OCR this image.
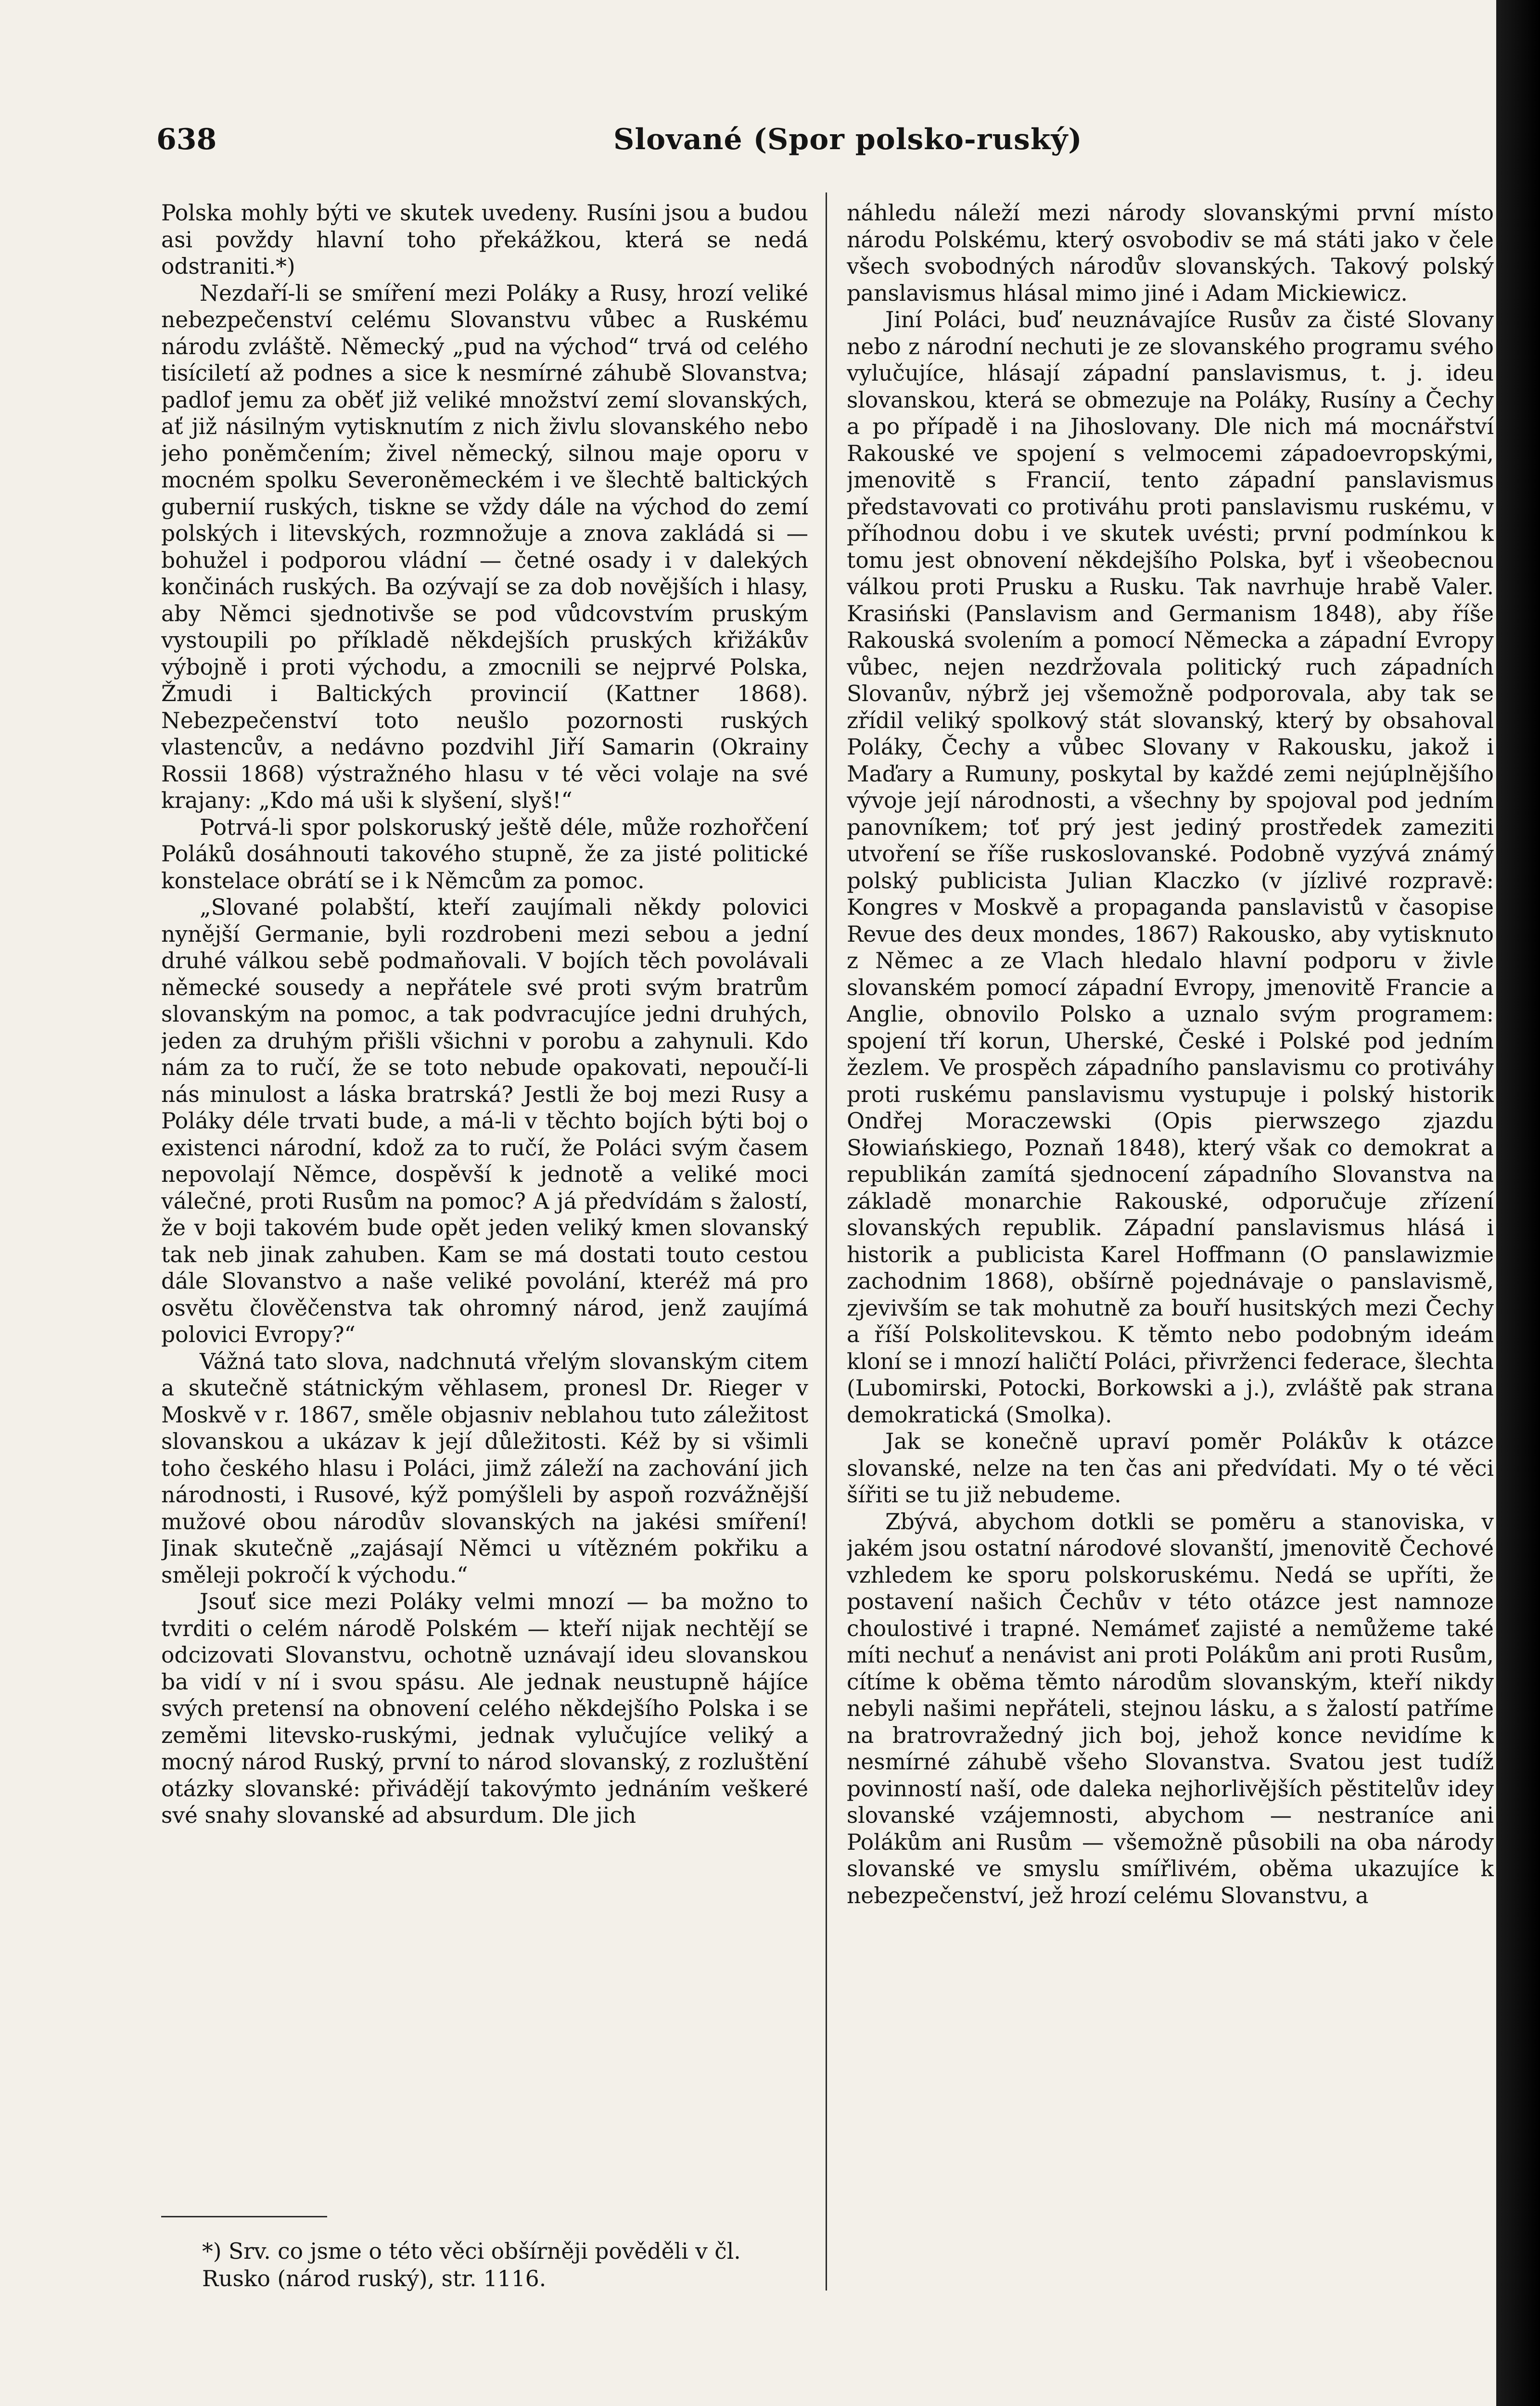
638	Slované (Spor polsko-ruský)

Polska mohly býti ve skutek uvedeny. Rusíni jsou a budou asi povždy hlavní toho překážkou, která se nedá odstraniti.*)

Nezdaří-li se smíření mezi Poláky a Rusy, hrozí veliké nebezpečenství celému Slovanstvu vůbec a Ruskému národu zvláště. Německý „pud na východ“ trvá od celého tisíciletí až podnes a sice k nesmírné záhubě Slovanstva; padlof jemu za oběť již veliké množství zemí slovanských, ať již násilným vytisknutím z nich živlu slovanského nebo jeho poněmčením; živel německý, silnou maje oporu v mocném spolku Severoněmeckém i ve šlechtě baltických gubernií ruských, tiskne se vždy dále na východ do zemí polských i litevských, rozmnožuje a znova zakládá si — bohužel i podporou vládní — četné osady i v dalekých končinách ruských. Ba ozývají se za dob novějších i hlasy, aby Němci sjednotivše se pod vůdcovstvím pruským vystoupili po příkladě někdejších pruských křižákův výbojně i proti východu, a zmocnili se nejprvé Polska, Žmudi i Baltických provincií (Kattner 1868). Nebezpečenství toto neušlo pozornosti ruských vlastencův, a nedávno pozdvihl Jiří Samarin (Okrainy Rossii 1868) výstražného hlasu v té věci volaje na své krajany: „Kdo má uši k slyšení, slyš!“

Potrvá-li spor polskoruský ještě déle, může rozhořčení Poláků dosáhnouti takového stupně, že za jisté politické konstelace obrátí se i k Němcům za pomoc.

„Slované polabští, kteří zaujímali někdy polovici nynější Germanie, byli rozdrobeni mezi sebou a jední druhé válkou sebě podmaňovali. V bojích těch povolávali německé sousedy a nepřátele své proti svým bratrům slovanským na pomoc, a tak podvracujíce jedni druhých, jeden za druhým přišli všichni v porobu a zahynuli. Kdo nám za to ručí, že se toto nebude opakovati, nepoučí-li nás minulost a láska bratrská? Jestli že boj mezi Rusy a Poláky déle trvati bude, a má-li v těchto bojích býti boj o existenci národní, kdož za to ručí, že Poláci svým časem nepovolají Němce, dospěvší k jednotě a veliké moci válečné, proti Rusům na pomoc? A já předvídám s žalostí, že v boji takovém bude opět jeden veliký kmen slovanský tak neb jinak zahuben. Kam se má dostati touto cestou dále Slovanstvo a naše veliké povolání, kteréž má pro osvětu člověčenstva tak ohromný národ, jenž zaujímá polovici Evropy?“

Vážná tato slova, nadchnutá vřelým slovanským citem a skutečně státnickým věhlasem, pronesl Dr. Rieger v Moskvě v r. 1867, směle objasniv neblahou tuto záležitost slovanskou a ukázav k její důležitosti. Kéž by si všimli toho českého hlasu i Poláci, jimž záleží na zachování jich národnosti, i Rusové, kýž pomýšleli by aspoň rozvážnější mužové obou národův slovanských na jakési smíření! Jinak skutečně „zajásají Němci u vítězném pokřiku a směleji pokročí k východu.“

Jsouť sice mezi Poláky velmi mnozí — ba možno to tvrditi o celém národě Polském — kteří nijak nechtějí se odcizovati Slovanstvu, ochotně uznávají ideu slovanskou ba vidí v ní i svou spásu. Ale jednak neustupně hájíce svých pretensí na obnovení celého někdejšího Polska i se zeměmi litevsko-ruskými, jednak vylučujíce veliký a mocný národ Ruský, první to národ slovanský, z rozluštění otázky slovanské: přivádějí takovýmto jednáním veškeré své snahy slovanské ad absurdum. Dle jich

náhledu náleží mezi národy slovanskými první místo národu Polskému, který osvobodiv se má státi jako v čele všech svobodných národův slovanských. Takový polský panslavismus hlásal mimo jiné i Adam Mickiewicz.

Jiní Poláci, buď neuznávajíce Rusův za čisté Slovany nebo z národní nechuti je ze slovanského programu svého vylučujíce, hlásají západní panslavismus, t. j. ideu slovanskou, která se obmezuje na Poláky, Rusíny a Čechy a po případě i na Jihoslovany. Dle nich má mocnářství Rakouské ve spojení s velmocemi západoevropskými, jmenovitě s Francií, tento západní panslavismus představovati co protiváhu proti panslavismu ruskému, v příhodnou dobu i ve skutek uvésti; první podmínkou k tomu jest obnovení někdejšího Polska, byť i všeobecnou válkou proti Prusku a Rusku. Tak navrhuje hrabě Valer. Krasiński (Panslavism and Germanism 1848), aby říše Rakouská svolením a pomocí Německa a západní Evropy vůbec, nejen nezdržovala politický ruch západních Slovanův, nýbrž jej všemožně podporovala, aby tak se zřídil veliký spolkový stát slovanský, který by obsahoval Poláky, Čechy a vůbec Slovany v Rakousku, jakož i Maďary a Rumuny, poskytal by každé zemi nejúplnějšího vývoje její národnosti, a všechny by spojoval pod jedním panovníkem; toť prý jest jediný prostředek zameziti utvoření se říše ruskoslovanské. Podobně vyzývá známý polský publicista Julian Klaczko (v jízlivé rozpravě: Kongres v Moskvě a propaganda panslavistů v časopise Revue des deux mondes, 1867) Rakousko, aby vytisknuto z Němec a ze Vlach hledalo hlavní podporu v živle slovanském pomocí západní Evropy, jmenovitě Francie a Anglie, obnovilo Polsko a uznalo svým programem: spojení tří korun, Uherské, České i Polské pod jedním žezlem. Ve prospěch západního panslavismu co protiváhy proti ruskému panslavismu vystupuje i polský historik Ondřej Moraczewski (Opis pierwszego zjazdu Słowiańskiego, Poznaň 1848), který však co demokrat a republikán zamítá sjednocení západního Slovanstva na základě monarchie Rakouské, odporučuje zřízení slovanských republik. Západní panslavismus hlásá i historik a publicista Karel Hoffmann (O panslawizmie zachodnim 1868), obšírně pojednávaje o panslavismě, zjevivším se tak mohutně za bouří husitských mezi Čechy a říší Polskolitevskou. K těmto nebo podobným ideám kloní se i mnozí haličtí Poláci, přivrženci federace, šlechta (Lubomirski, Potocki, Borkowski a j.), zvláště pak strana demokratická (Smolka).

Jak se konečně upraví poměr Polákův k otázce slovanské, nelze na ten čas ani předvídati. My o té věci šířiti se tu již nebudeme.

Zbývá, abychom dotkli se poměru a stanoviska, v jakém jsou ostatní národové slovanští, jmenovitě Čechové vzhledem ke sporu polskoruskému. Nedá se upříti, že postavení našich Čechův v této otázce jest namnoze choulostivé i trapné. Nemámeť zajisté a nemůžeme také míti nechuť a nenávist ani proti Polákům ani proti Rusům, cítíme k oběma těmto národům slovanským, kteří nikdy nebyli našimi nepřáteli, stejnou lásku, a s žalostí patříme na bratrovražedný jich boj, jehož konce nevidíme k nesmírné záhubě všeho Slovanstva. Svatou jest tudíž povinností naší, ode daleka nejhorlivějších pěstitelův idey slovanské vzájemnosti, abychom — nestraníce ani Polákům ani Rusům — všemožně působili na oba národy slovanské ve smyslu smířlivém, oběma ukazujíce k nebezpečenství, jež hrozí celému Slovanstvu, a

*) Srv. co jsme o této věci obšírněji pověděli v čl. Rusko (národ ruský), str. 1116.
